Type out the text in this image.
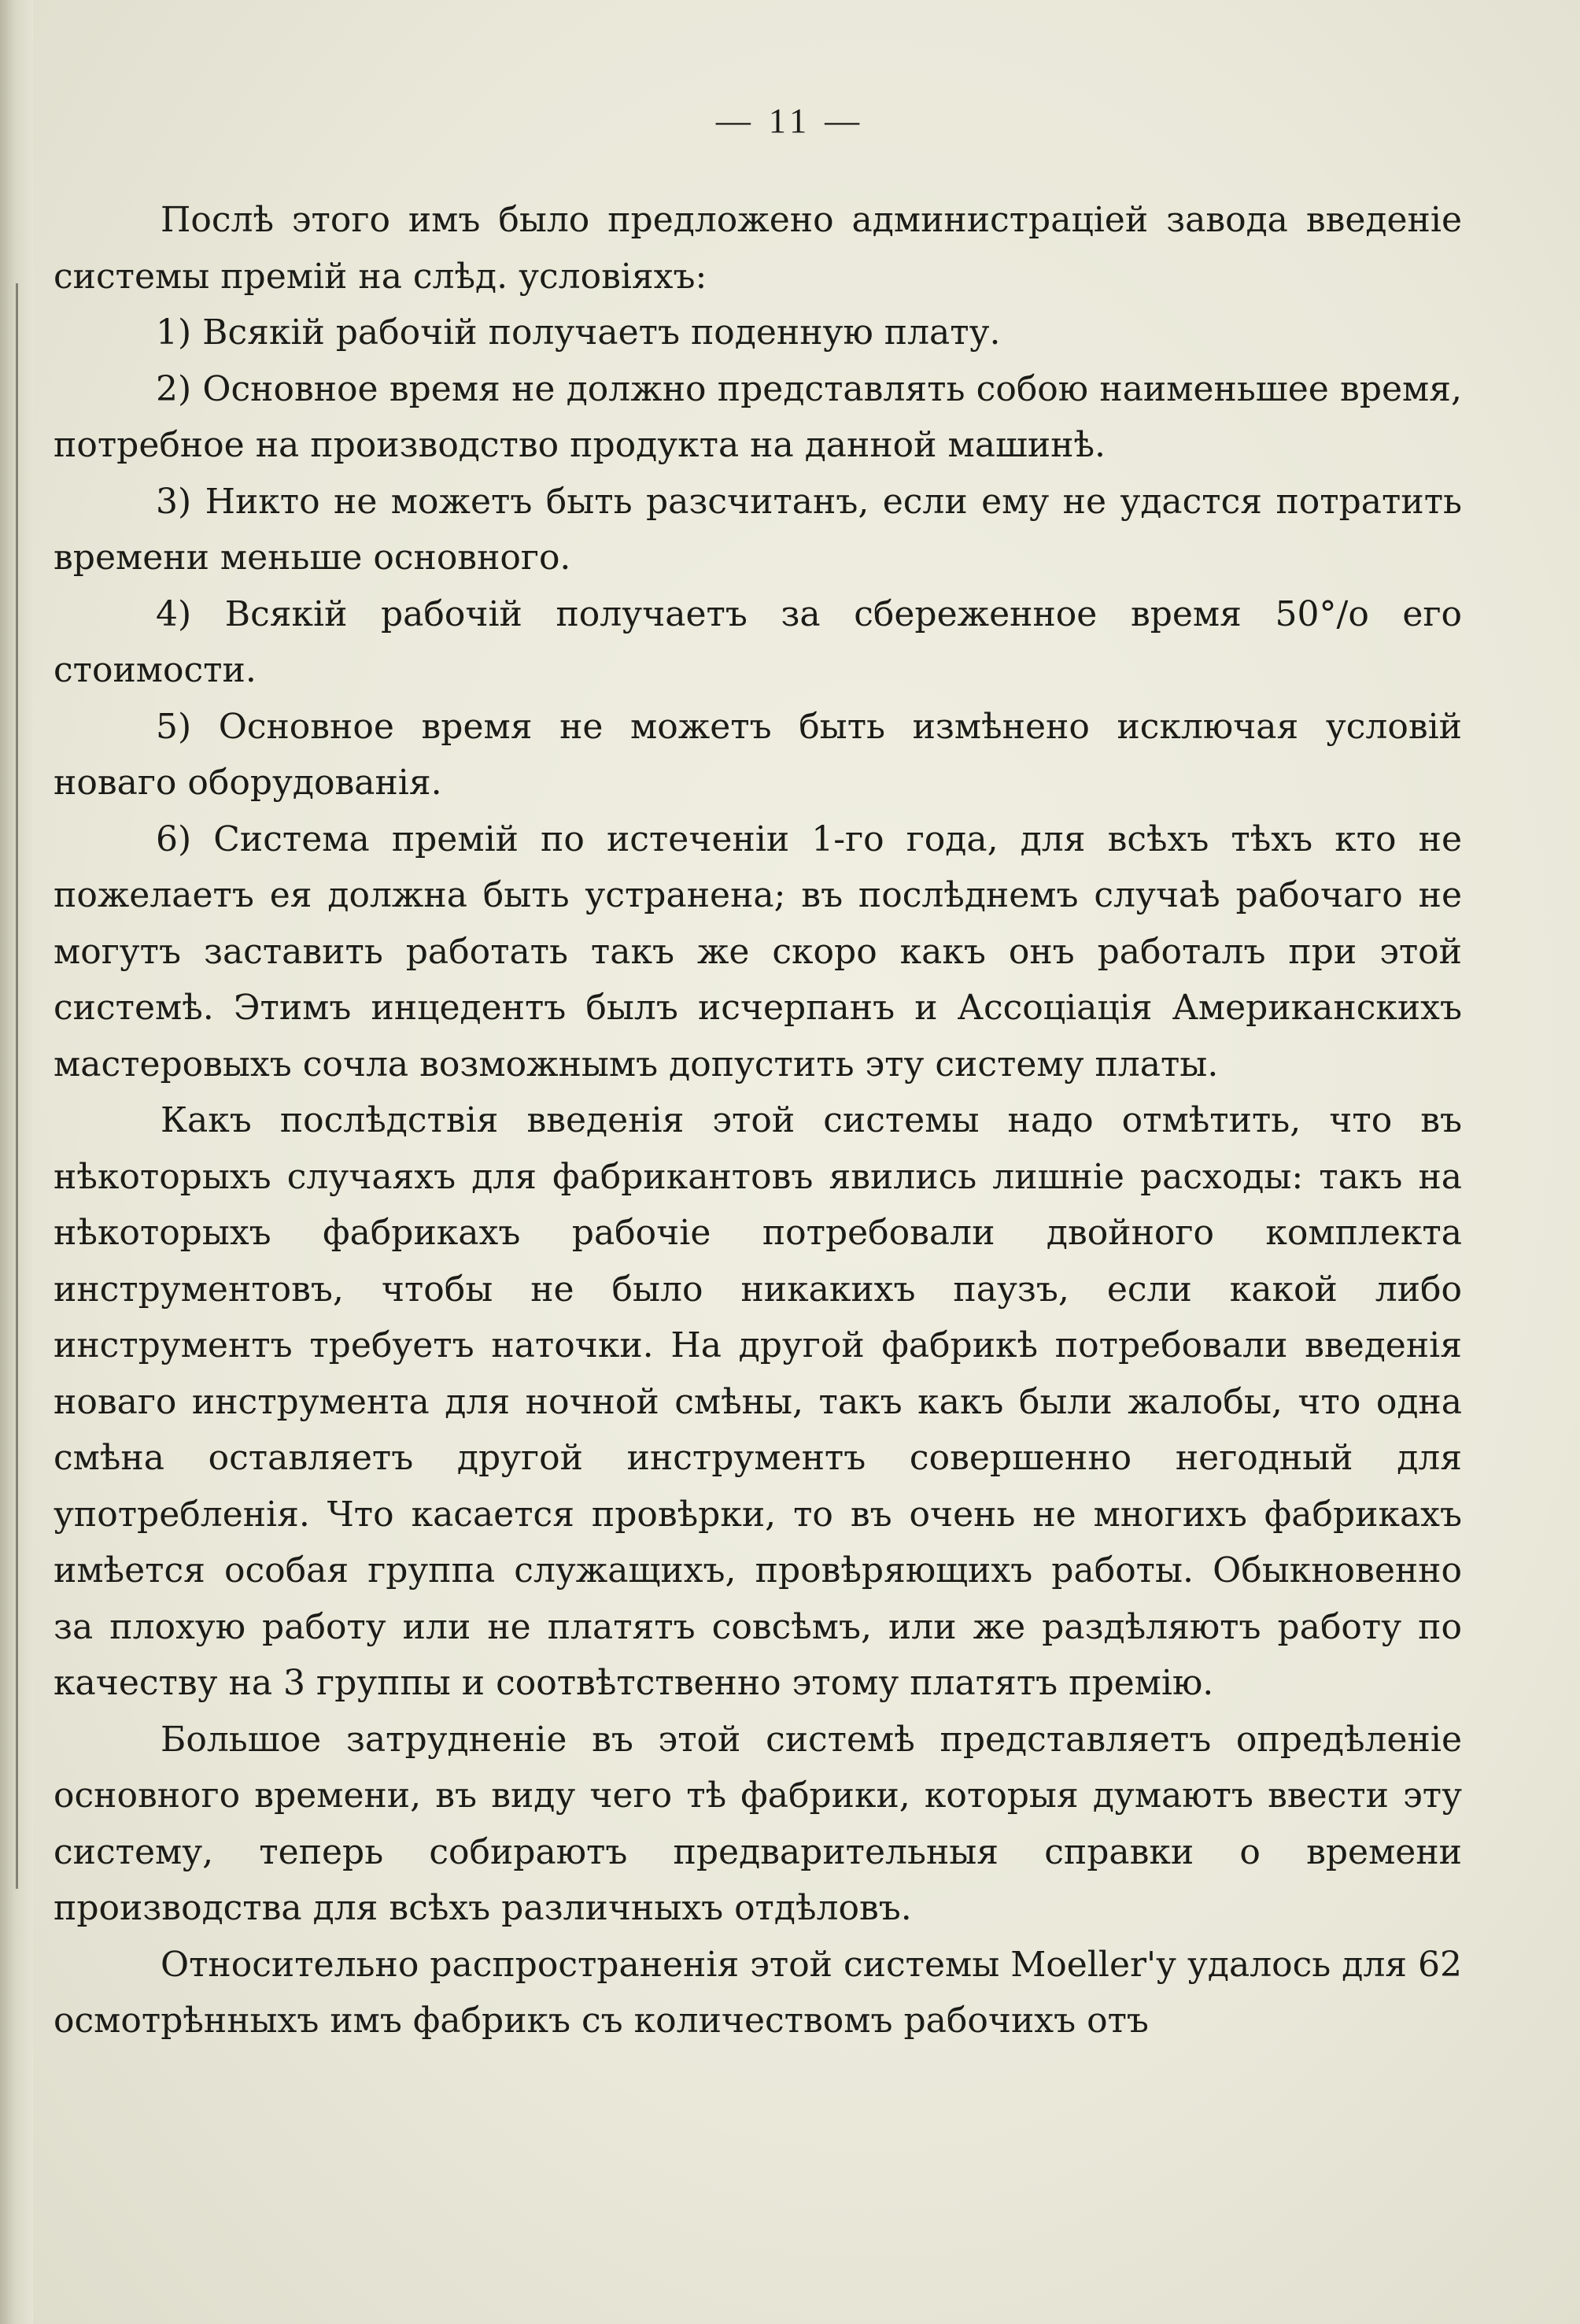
— 11 —

Послѣ этого имъ было предложено администраціей завода введеніе системы премій на слѣд. условіяхъ:

1) Всякій рабочій получаетъ поденную плату.

2) Основное время не должно представлять собою наименьшее время, потребное на производство продукта на данной машинѣ.

3) Никто не можетъ быть разсчитанъ, если ему не удастся потратить времени меньше основного.

4) Всякій рабочій получаетъ за сбереженное время 50°/о его стоимости.

5) Основное время не можетъ быть измѣнено исключая условій новаго оборудованія.

6) Система премій по истеченіи 1-го года, для всѣхъ тѣхъ кто не пожелаетъ ея должна быть устранена; въ послѣднемъ случаѣ рабочаго не могутъ заставить работать такъ же скоро какъ онъ работалъ при этой системѣ. Этимъ инцедентъ былъ исчерпанъ и Ассоціація Американскихъ мастеровыхъ сочла возможнымъ допустить эту систему платы.

Какъ послѣдствія введенія этой системы надо отмѣтить, что въ нѣкоторыхъ случаяхъ для фабрикантовъ явились лишніе расходы: такъ на нѣкоторыхъ фабрикахъ рабочіе потребовали двойного комплекта инструментовъ, чтобы не было никакихъ паузъ, если какой либо инструментъ требуетъ наточки. На другой фабрикѣ потребовали введенія новаго инструмента для ночной смѣны, такъ какъ были жалобы, что одна смѣна оставляетъ другой инструментъ совершенно негодный для употребленія. Что касается провѣрки, то въ очень не многихъ фабрикахъ имѣется особая группа служащихъ, провѣряющихъ работы. Обыкновенно за плохую работу или не платятъ совсѣмъ, или же раздѣляютъ работу по качеству на 3 группы и соотвѣтственно этому платятъ премію.

Большое затрудненіе въ этой системѣ представляетъ опредѣленіе основного времени, въ виду чего тѣ фабрики, которыя думаютъ ввести эту систему, теперь собираютъ предварительныя справки о времени производства для всѣхъ различныхъ отдѣловъ.

Относительно распространенія этой системы Moeller'у удалось для 62 осмотрѣнныхъ имъ фабрикъ съ количествомъ рабочихъ отъ
